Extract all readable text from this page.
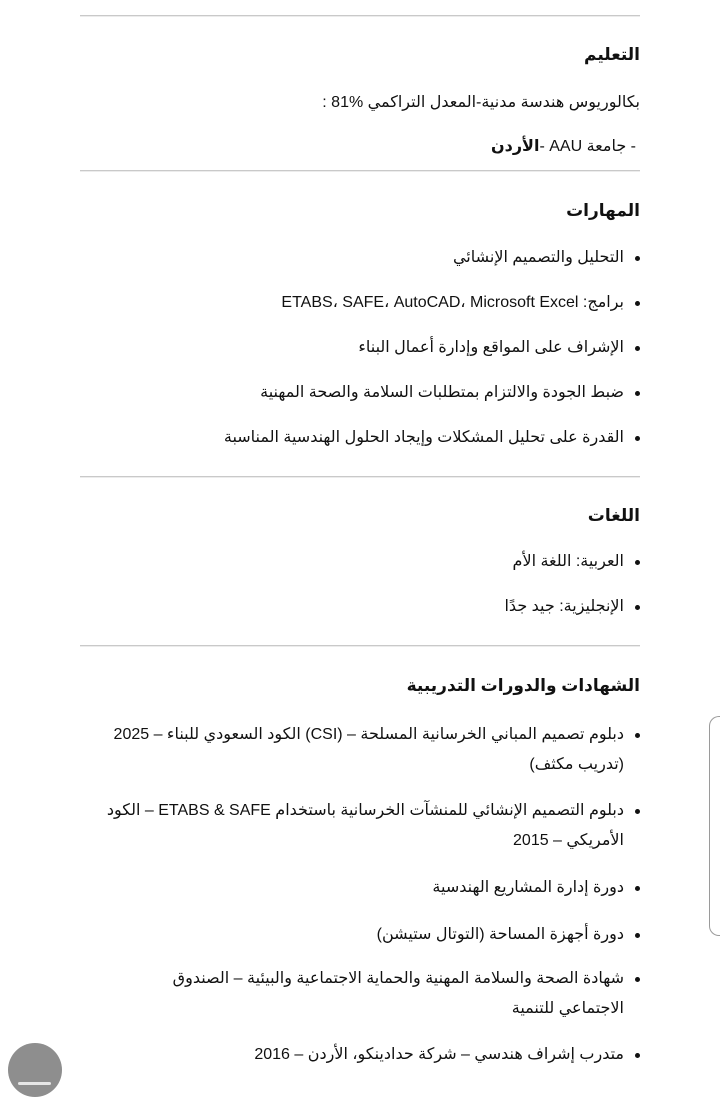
التعليم
بكالوريوس هندسة مدنية-المعدل التراكمي %81 :
- جامعة AAU -الأردن
المهارات
التحليل والتصميم الإنشائي
برامج: ETABS، SAFE، AutoCAD، Microsoft Excel
الإشراف على المواقع وإدارة أعمال البناء
ضبط الجودة والالتزام بمتطلبات السلامة والصحة المهنية
القدرة على تحليل المشكلات وإيجاد الحلول الهندسية المناسبة
اللغات
العربية: اللغة الأم
الإنجليزية: جيد جدًا
الشهادات والدورات التدريبية
دبلوم تصميم المباني الخرسانية المسلحة – (CSI) الكود السعودي للبناء – 2025 (تدريب مكثف)
دبلوم التصميم الإنشائي للمنشآت الخرسانية باستخدام ETABS & SAFE – الكود الأمريكي – 2015
دورة إدارة المشاريع الهندسية
دورة أجهزة المساحة (التوتال ستيشن)
شهادة الصحة والسلامة المهنية والحماية الاجتماعية والبيئية – الصندوق الاجتماعي للتنمية
متدرب إشراف هندسي – شركة حدادينكو، الأردن – 2016
